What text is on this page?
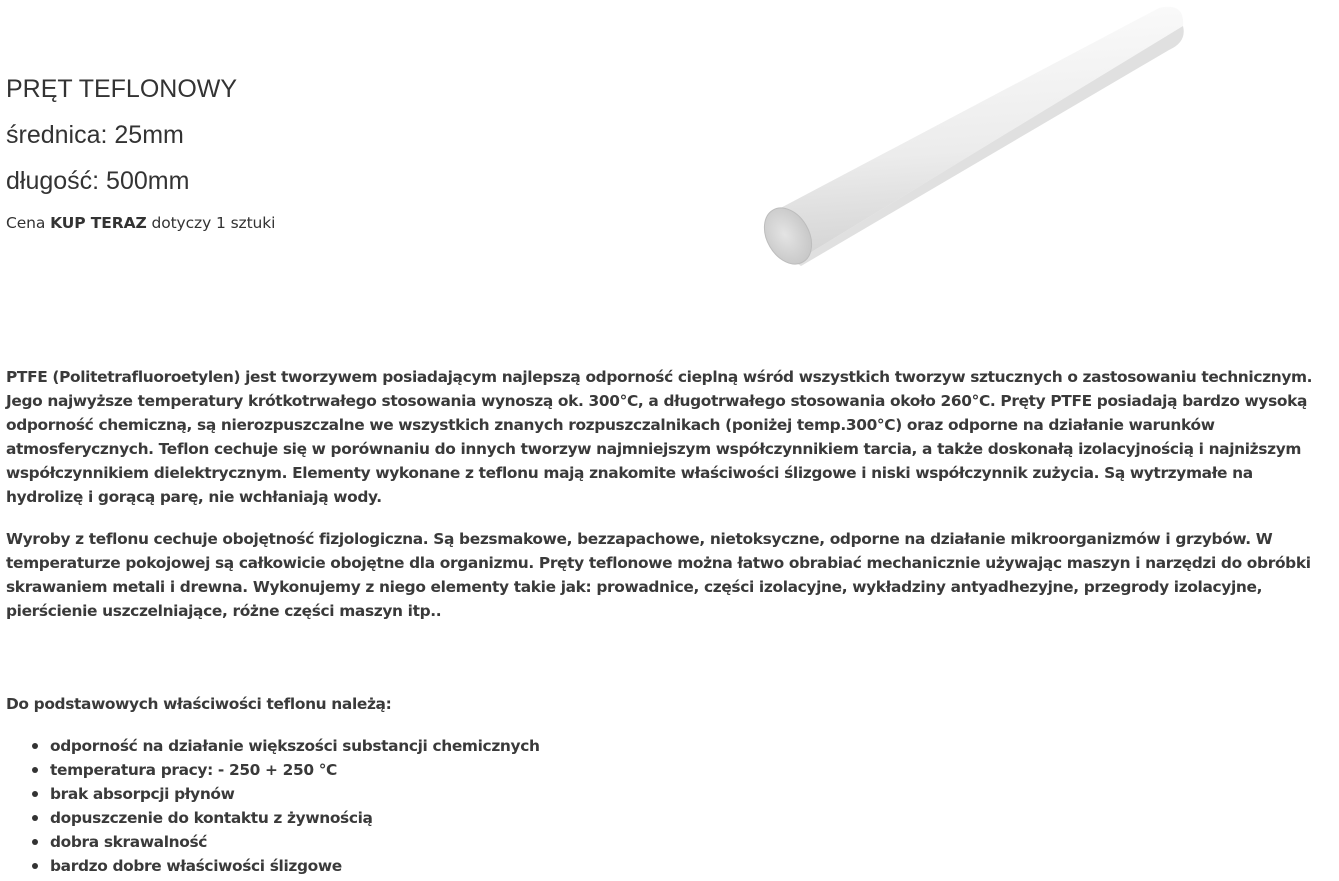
PRĘT TEFLONOWY
średnica: 25mm
długość: 500mm
Cena KUP TERAZ dotyczy 1 sztuki

PTFE (Politetrafluoroetylen) jest tworzywem posiadającym najlepszą odporność cieplną wśród wszystkich tworzyw sztucznych o zastosowaniu technicznym. Jego najwyższe temperatury krótkotrwałego stosowania wynoszą ok. 300°C, a długotrwałego stosowania około 260°C. Pręty PTFE posiadają bardzo wysoką odporność chemiczną, są nierozpuszczalne we wszystkich znanych rozpuszczalnikach (poniżej temp.300°C) oraz odporne na działanie warunków atmosferycznych. Teflon cechuje się w porównaniu do innych tworzyw najmniejszym współczynnikiem tarcia, a także doskonałą izolacyjnością i najniższym współczynnikiem dielektrycznym. Elementy wykonane z teflonu mają znakomite właściwości ślizgowe i niski współczynnik zużycia. Są wytrzymałe na hydrolizę i gorącą parę, nie wchłaniają wody.

Wyroby z teflonu cechuje obojętność fizjologiczna. Są bezsmakowe, bezzapachowe, nietoksyczne, odporne na działanie mikroorganizmów i grzybów. W temperaturze pokojowej są całkowicie obojętne dla organizmu. Pręty teflonowe można łatwo obrabiać mechanicznie używając maszyn i narzędzi do obróbki skrawaniem metali i drewna. Wykonujemy z niego elementy takie jak: prowadnice, części izolacyjne, wykładziny antyadhezyjne, przegrody izolacyjne, pierścienie uszczelniające, różne części maszyn itp..

Do podstawowych właściwości teflonu należą:

odporność na działanie większości substancji chemicznych
temperatura pracy: - 250 + 250 °C
brak absorpcji płynów
dopuszczenie do kontaktu z żywnością
dobra skrawalność
bardzo dobre właściwości ślizgowe
